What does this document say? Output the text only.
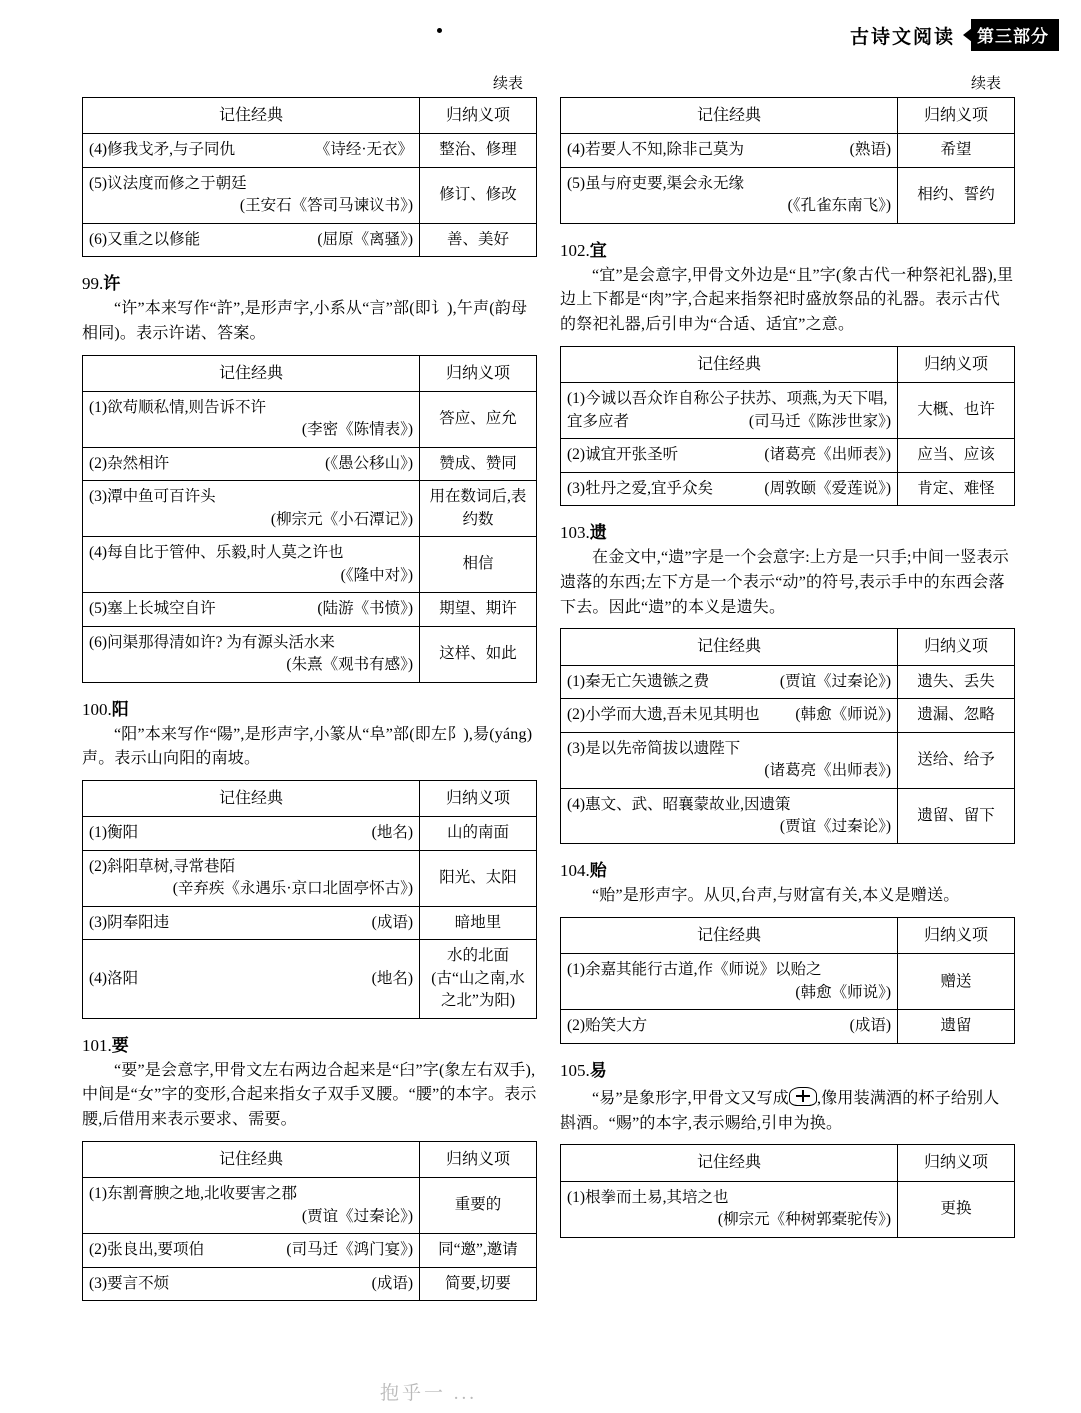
古诗文阅读	第三部分
续表
记住经典	归纳义项
(4)修我戈矛,与子同仇 《诗经·无衣》	整治、修理
(5)议法度而修之于朝廷
(王安石《答司马谏议书》)	修订、修改
(6)又重之以修能 (屈原《离骚》)	善、美好
99.许
“许”本来写作“許”,是形声字,小系从“言”部(即讠),午声(韵母相同)。表示许诺、答案。
记住经典	归纳义项
(1)欲苟顺私情,则告诉不许
(李密《陈情表》)	答应、应允
(2)杂然相许 (《愚公移山》)	赞成、赞同
(3)潭中鱼可百许头
(柳宗元《小石潭记》)	用在数词后,表约数
(4)每自比于管仲、乐毅,时人莫之许也
(《隆中对》)	相信
(5)塞上长城空自许 (陆游《书愤》)	期望、期许
(6)问渠那得清如许? 为有源头活水来
(朱熹《观书有感》)	这样、如此
100.阳
“阳”本来写作“陽”,是形声字,小篆从“阜”部(即左阝),昜(yáng)声。表示山向阳的南坡。
记住经典	归纳义项
(1)衡阳 (地名)	山的南面
(2)斜阳草树,寻常巷陌
(辛弃疾《永遇乐·京口北固亭怀古》)	阳光、太阳
(3)阴奉阳违 (成语)	暗地里
(4)洛阳 (地名)	水的北面(古“山之南,水之北”为阳)
101.要
“要”是会意字,甲骨文左右两边合起来是“臼”字(象左右双手),中间是“女”字的变形,合起来指女子双手叉腰。“腰”的本字。表示腰,后借用来表示要求、需要。
记住经典	归纳义项
(1)东割膏腴之地,北收要害之郡
(贾谊《过秦论》)	重要的
(2)张良出,要项伯 (司马迁《鸿门宴》)	同“邀”,邀请
(3)要言不烦 (成语)	简要,切要
续表
记住经典	归纳义项
(4)若要人不知,除非己莫为 (熟语)	希望
(5)虽与府吏要,渠会永无缘
(《孔雀东南飞》)	相约、誓约
102.宜
“宜”是会意字,甲骨文外边是“且”字(象古代一种祭祀礼器),里边上下都是“肉”字,合起来指祭祀时盛放祭品的礼器。表示古代的祭祀礼器,后引申为“合适、适宜”之意。
记住经典	归纳义项
(1)今诚以吾众诈自称公子扶苏、项燕,为天下唱,宜多应者 (司马迁《陈涉世家》)	大概、也许
(2)诚宜开张圣听 (诸葛亮《出师表》)	应当、应该
(3)牡丹之爱,宜乎众矣 (周敦颐《爱莲说》)	肯定、难怪
103.遗
在金文中,“遗”字是一个会意字:上方是一只手;中间一竖表示遗落的东西;左下方是一个表示“动”的符号,表示手中的东西会落下去。因此“遗”的本义是遗失。
记住经典	归纳义项
(1)秦无亡矢遗镞之费 (贾谊《过秦论》)	遗失、丢失
(2)小学而大遗,吾未见其明也 (韩愈《师说》)	遗漏、忽略
(3)是以先帝简拔以遗陛下
(诸葛亮《出师表》)	送给、给予
(4)惠文、武、昭襄蒙故业,因遗策
(贾谊《过秦论》)	遗留、留下
104.贻
“贻”是形声字。从贝,台声,与财富有关,本义是赠送。
记住经典	归纳义项
(1)余嘉其能行古道,作《师说》以贻之
(韩愈《师说》)	赠送
(2)贻笑大方 (成语)	遗留
105.易
“易”是象形字,甲骨文又写成 ,像用装满酒的杯子给别人斟酒。“赐”的本字,表示赐给,引申为换。
记住经典	归纳义项
(1)根拳而土易,其培之也
(柳宗元《种树郭橐驼传》)	更换
抱乎一 ...
